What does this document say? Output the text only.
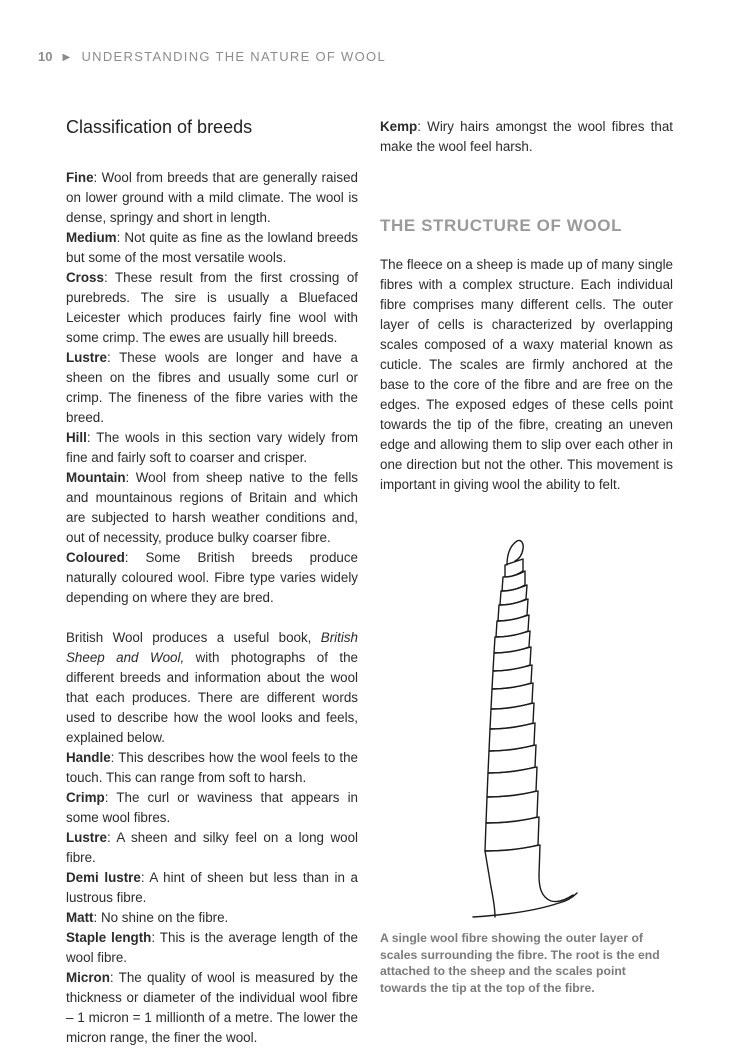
10 ▶ UNDERSTANDING THE NATURE OF WOOL
Classification of breeds

Fine: Wool from breeds that are generally raised on lower ground with a mild climate. The wool is dense, springy and short in length.

Medium: Not quite as fine as the lowland breeds but some of the most versatile wools.

Cross: These result from the first crossing of purebreds. The sire is usually a Bluefaced Leicester which produces fairly fine wool with some crimp. The ewes are usually hill breeds.

Lustre: These wools are longer and have a sheen on the fibres and usually some curl or crimp. The fineness of the fibre varies with the breed.

Hill: The wools in this section vary widely from fine and fairly soft to coarser and crisper.

Mountain: Wool from sheep native to the fells and mountainous regions of Britain and which are subjected to harsh weather conditions and, out of necessity, produce bulky coarser fibre.

Coloured: Some British breeds produce naturally coloured wool. Fibre type varies widely depending on where they are bred.

British Wool produces a useful book, British Sheep and Wool, with photographs of the different breeds and information about the wool that each produces. There are different words used to describe how the wool looks and feels, explained below.

Handle: This describes how the wool feels to the touch. This can range from soft to harsh.

Crimp: The curl or waviness that appears in some wool fibres.

Lustre: A sheen and silky feel on a long wool fibre.

Demi lustre: A hint of sheen but less than in a lustrous fibre.

Matt: No shine on the fibre.

Staple length: This is the average length of the wool fibre.

Micron: The quality of wool is measured by the thickness or diameter of the individual wool fibre – 1 micron = 1 millionth of a metre. The lower the micron range, the finer the wool.

Kemp: Wiry hairs amongst the wool fibres that make the wool feel harsh.

THE STRUCTURE OF WOOL

The fleece on a sheep is made up of many single fibres with a complex structure. Each individual fibre comprises many different cells. The outer layer of cells is characterized by overlapping scales composed of a waxy material known as cuticle. The scales are firmly anchored at the base to the core of the fibre and are free on the edges. The exposed edges of these cells point towards the tip of the fibre, creating an uneven edge and allowing them to slip over each other in one direction but not the other. This movement is important in giving wool the ability to felt.

A single wool fibre showing the outer layer of scales surrounding the fibre. The root is the end attached to the sheep and the scales point towards the tip at the top of the fibre.
